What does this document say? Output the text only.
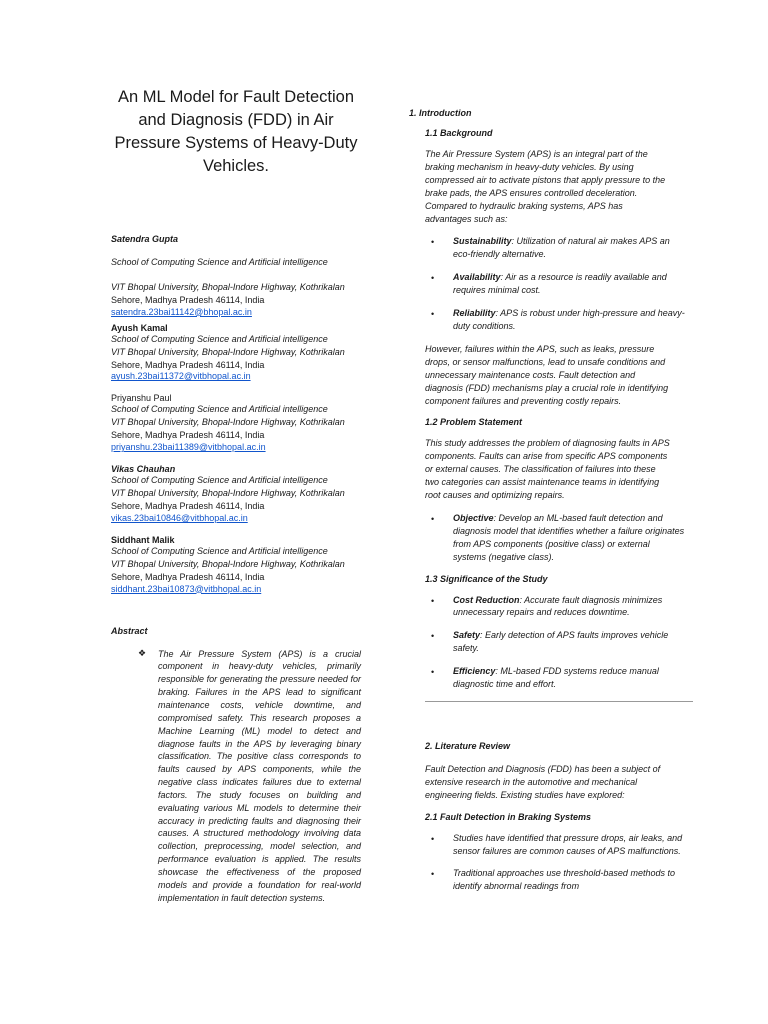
An ML Model for Fault Detection and Diagnosis (FDD) in Air Pressure Systems of Heavy-Duty Vehicles.
Satendra Gupta
School of Computing Science and Artificial intelligence
VIT Bhopal University, Bhopal-Indore Highway, Kothrikalan
Sehore, Madhya Pradesh 46114, India
satendra.23bai11142@bhopal.ac.in
Ayush Kamal
School of Computing Science and Artificial intelligence
VIT Bhopal University, Bhopal-Indore Highway, Kothrikalan
Sehore, Madhya Pradesh 46114, India
ayush.23bai11372@vitbhopal.ac.in
Priyanshu Paul
School of Computing Science and Artificial intelligence
VIT Bhopal University, Bhopal-Indore Highway, Kothrikalan
Sehore, Madhya Pradesh 46114, India
priyanshu.23bai11389@vitbhopal.ac.in
Vikas Chauhan
School of Computing Science and Artificial intelligence
VIT Bhopal University, Bhopal-Indore Highway, Kothrikalan
Sehore, Madhya Pradesh 46114, India
vikas.23bai10846@vitbhopal.ac.in
Siddhant Malik
School of Computing Science and Artificial intelligence
VIT Bhopal University, Bhopal-Indore Highway, Kothrikalan
Sehore, Madhya Pradesh 46114, India
siddhant.23bai10873@vitbhopal.ac.in
Abstract
❖ The Air Pressure System (APS) is a crucial component in heavy-duty vehicles, primarily responsible for generating the pressure needed for braking. Failures in the APS lead to significant maintenance costs, vehicle downtime, and compromised safety. This research proposes a Machine Learning (ML) model to detect and diagnose faults in the APS by leveraging binary classification. The positive class corresponds to faults caused by APS components, while the negative class indicates failures due to external factors. The study focuses on building and evaluating various ML models to determine their accuracy in predicting faults and diagnosing their causes. A structured methodology involving data collection, preprocessing, model selection, and performance evaluation is applied. The results showcase the effectiveness of the proposed models and provide a foundation for real-world implementation in fault detection systems.
1. Introduction
1.1 Background
The Air Pressure System (APS) is an integral part of the braking mechanism in heavy-duty vehicles. By using compressed air to activate pistons that apply pressure to the brake pads, the APS ensures controlled deceleration. Compared to hydraulic braking systems, APS has advantages such as:
• Sustainability: Utilization of natural air makes APS an eco-friendly alternative.
• Availability: Air as a resource is readily available and requires minimal cost.
• Reliability: APS is robust under high-pressure and heavy-duty conditions.
However, failures within the APS, such as leaks, pressure drops, or sensor malfunctions, lead to unsafe conditions and unnecessary maintenance costs. Fault detection and diagnosis (FDD) mechanisms play a crucial role in identifying component failures and preventing costly repairs.
1.2 Problem Statement
This study addresses the problem of diagnosing faults in APS components. Faults can arise from specific APS components or external causes. The classification of failures into these two categories can assist maintenance teams in identifying root causes and optimizing repairs.
• Objective: Develop an ML-based fault detection and diagnosis model that identifies whether a failure originates from APS components (positive class) or external systems (negative class).
1.3 Significance of the Study
• Cost Reduction: Accurate fault diagnosis minimizes unnecessary repairs and reduces downtime.
• Safety: Early detection of APS faults improves vehicle safety.
• Efficiency: ML-based FDD systems reduce manual diagnostic time and effort.
2. Literature Review
Fault Detection and Diagnosis (FDD) has been a subject of extensive research in the automotive and mechanical engineering fields. Existing studies have explored:
2.1 Fault Detection in Braking Systems
• Studies have identified that pressure drops, air leaks, and sensor failures are common causes of APS malfunctions.
• Traditional approaches use threshold-based methods to identify abnormal readings from
